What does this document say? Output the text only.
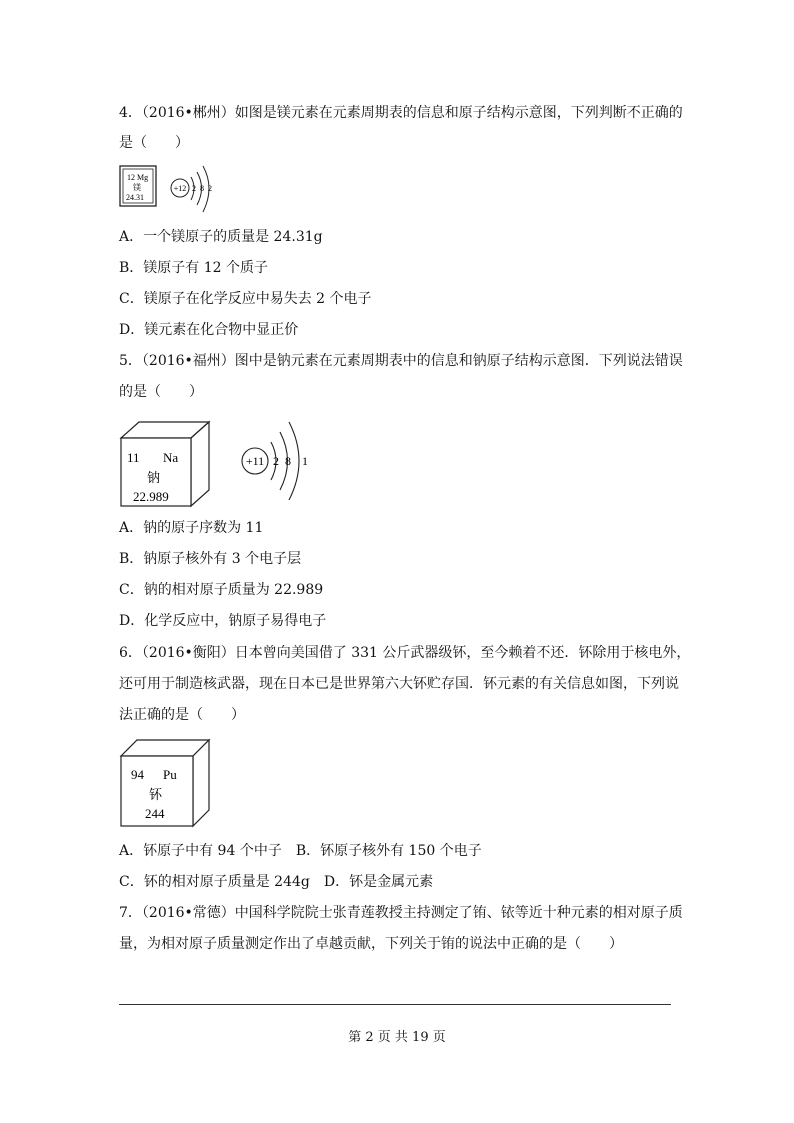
4．（2016•郴州）如图是镁元素在元素周期表的信息和原子结构示意图，下列判断不正确的
是（　　）
12 Mg
镁
24.31
+12 2 8 2
A．一个镁原子的质量是 24.31g
B．镁原子有 12 个质子
C．镁原子在化学反应中易失去 2 个电子
D．镁元素在化合物中显正价
5．（2016•福州）图中是钠元素在元素周期表中的信息和钠原子结构示意图．下列说法错误
的是（　　）
11 Na
钠
22.989
+11 2 8 1
A．钠的原子序数为 11
B．钠原子核外有 3 个电子层
C．钠的相对原子质量为 22.989
D．化学反应中，钠原子易得电子
6．（2016•衡阳）日本曾向美国借了 331 公斤武器级钚，至今赖着不还．钚除用于核电外，
还可用于制造核武器，现在日本已是世界第六大钚贮存国．钚元素的有关信息如图，下列说
法正确的是（　　）
94 Pu
钚
244
A．钚原子中有 94 个中子　B．钚原子核外有 150 个电子
C．钚的相对原子质量是 244g　D．钚是金属元素
7．（2016•常德）中国科学院院士张青莲教授主持测定了铕、铱等近十种元素的相对原子质
量，为相对原子质量测定作出了卓越贡献，下列关于铕的说法中正确的是（　　）
第 2 页 共 19 页
